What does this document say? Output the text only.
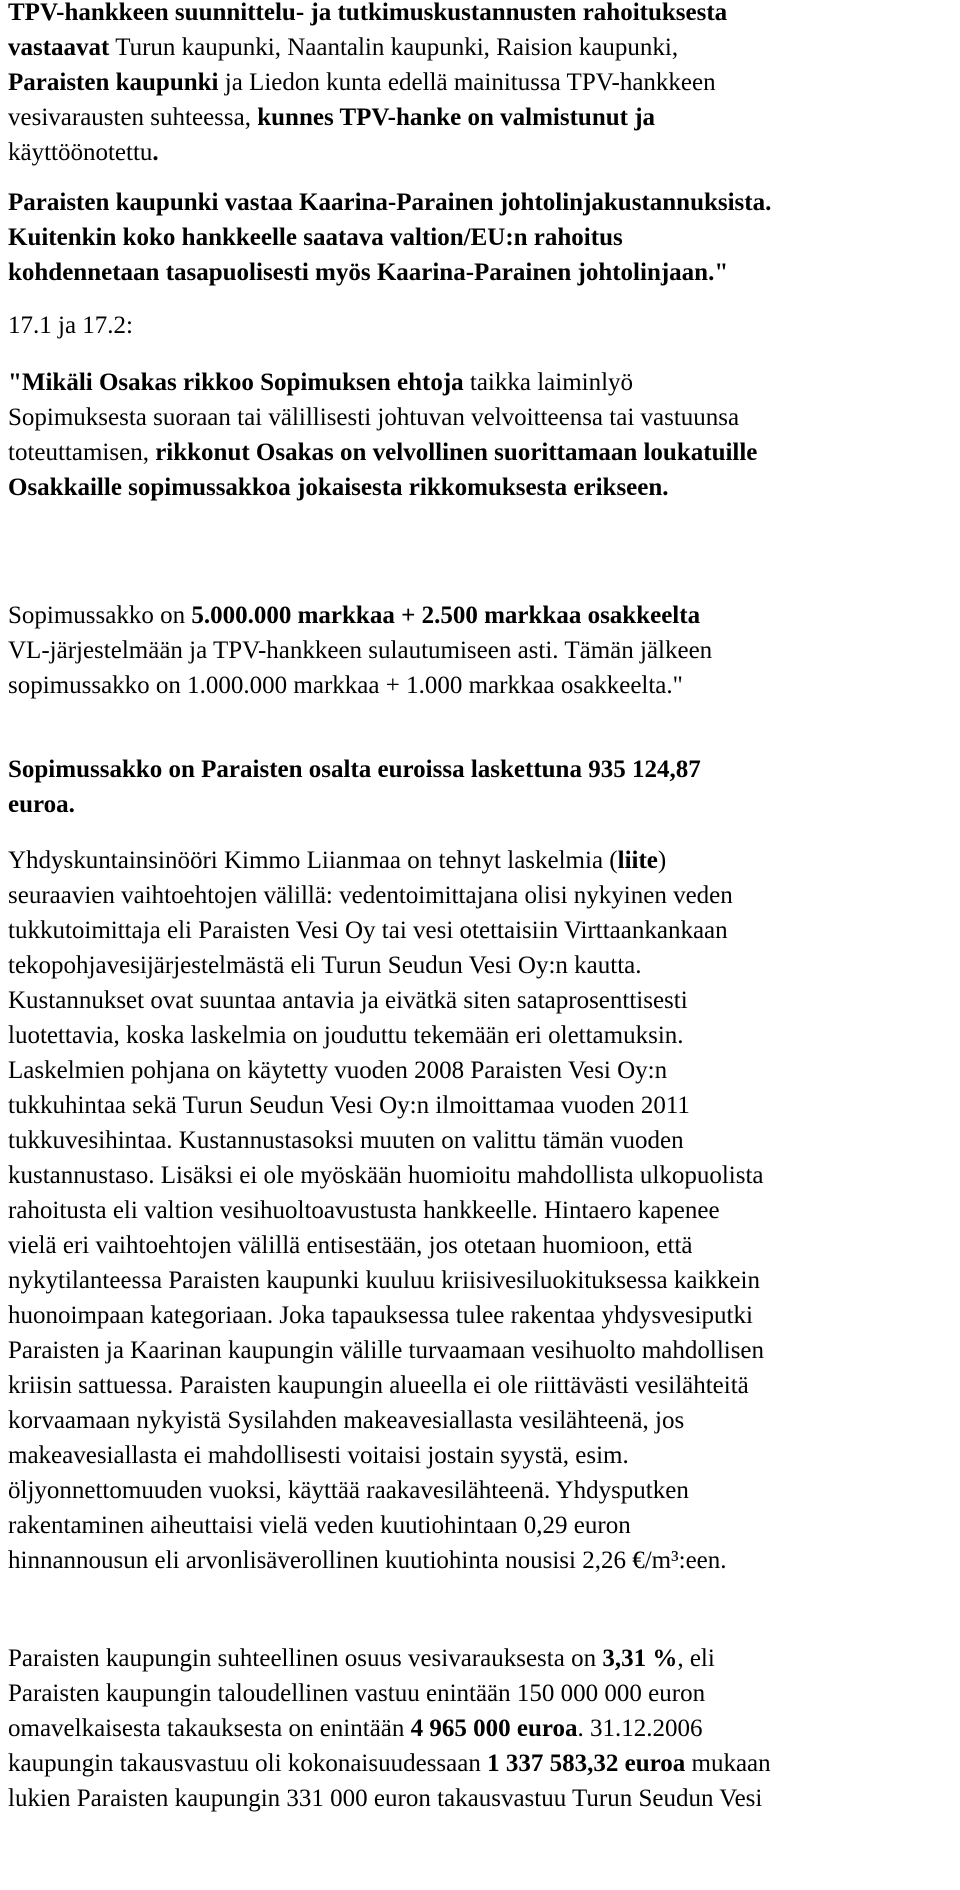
TPV-hankkeen suunnittelu- ja tutkimuskustannusten rahoituksesta
vastaavat Turun kaupunki, Naantalin kaupunki, Raision kaupunki,
Paraisten kaupunki ja Liedon kunta edellä mainitussa TPV-hankkeen
vesivarausten suhteessa, kunnes TPV-hanke on valmistunut ja
käyttöönotettu.

Paraisten kaupunki vastaa Kaarina-Parainen johtolinjakustannuksista.
Kuitenkin koko hankkeelle saatava valtion/EU:n rahoitus
kohdennetaan tasapuolisesti myös Kaarina-Parainen johtolinjaan."

17.1 ja 17.2:

"Mikäli Osakas rikkoo Sopimuksen ehtoja taikka laiminlyö
Sopimuksesta suoraan tai välillisesti johtuvan velvoitteensa tai vastuunsa
toteuttamisen, rikkonut Osakas on velvollinen suorittamaan loukatuille
Osakkaille sopimussakkoa jokaisesta rikkomuksesta erikseen.

Sopimussakko on 5.000.000 markkaa + 2.500 markkaa osakkeelta
VL-järjestelmään ja TPV-hankkeen sulautumiseen asti. Tämän jälkeen
sopimussakko on 1.000.000 markkaa + 1.000 markkaa osakkeelta."

Sopimussakko on Paraisten osalta euroissa laskettuna 935 124,87
euroa.

Yhdyskuntainsinööri Kimmo Liianmaa on tehnyt laskelmia (liite)
seuraavien vaihtoehtojen välillä: vedentoimittajana olisi nykyinen veden
tukkutoimittaja eli Paraisten Vesi Oy tai vesi otettaisiin Virttaankankaan
tekopohjavesijärjestelmästä eli Turun Seudun Vesi Oy:n kautta.
Kustannukset ovat suuntaa antavia ja eivätkä siten sataprosenttisesti
luotettavia, koska laskelmia on jouduttu tekemään eri olettamuksin.
Laskelmien pohjana on käytetty vuoden 2008 Paraisten Vesi Oy:n
tukkuhintaa sekä Turun Seudun Vesi Oy:n ilmoittamaa vuoden 2011
tukkuvesihintaa. Kustannustasoksi muuten on valittu tämän vuoden
kustannustaso. Lisäksi ei ole myöskään huomioitu mahdollista ulkopuolista
rahoitusta eli valtion vesihuoltoavustusta hankkeelle. Hintaero kapenee
vielä eri vaihtoehtojen välillä entisestään, jos otetaan huomioon, että
nykytilanteessa Paraisten kaupunki kuuluu kriisivesiluokituksessa kaikkein
huonoimpaan kategoriaan. Joka tapauksessa tulee rakentaa yhdysvesiputki
Paraisten ja Kaarinan kaupungin välille turvaamaan vesihuolto mahdollisen
kriisin sattuessa. Paraisten kaupungin alueella ei ole riittävästi vesilähteitä
korvaamaan nykyistä Sysilahden makeavesiallasta vesilähteenä, jos
makeavesiallasta ei mahdollisesti voitaisi jostain syystä, esim.
öljyonnettomuuden vuoksi, käyttää raakavesilähteenä. Yhdysputken
rakentaminen aiheuttaisi vielä veden kuutiohintaan 0,29 euron
hinnannousun eli arvonlisäverollinen kuutiohinta nousisi 2,26 €/m³:een.

Paraisten kaupungin suhteellinen osuus vesivarauksesta on 3,31 %, eli
Paraisten kaupungin taloudellinen vastuu enintään 150 000 000 euron
omavelkaisesta takauksesta on enintään 4 965 000 euroa. 31.12.2006
kaupungin takausvastuu oli kokonaisuudessaan 1 337 583,32 euroa mukaan
lukien Paraisten kaupungin 331 000 euron takausvastuu Turun Seudun Vesi
